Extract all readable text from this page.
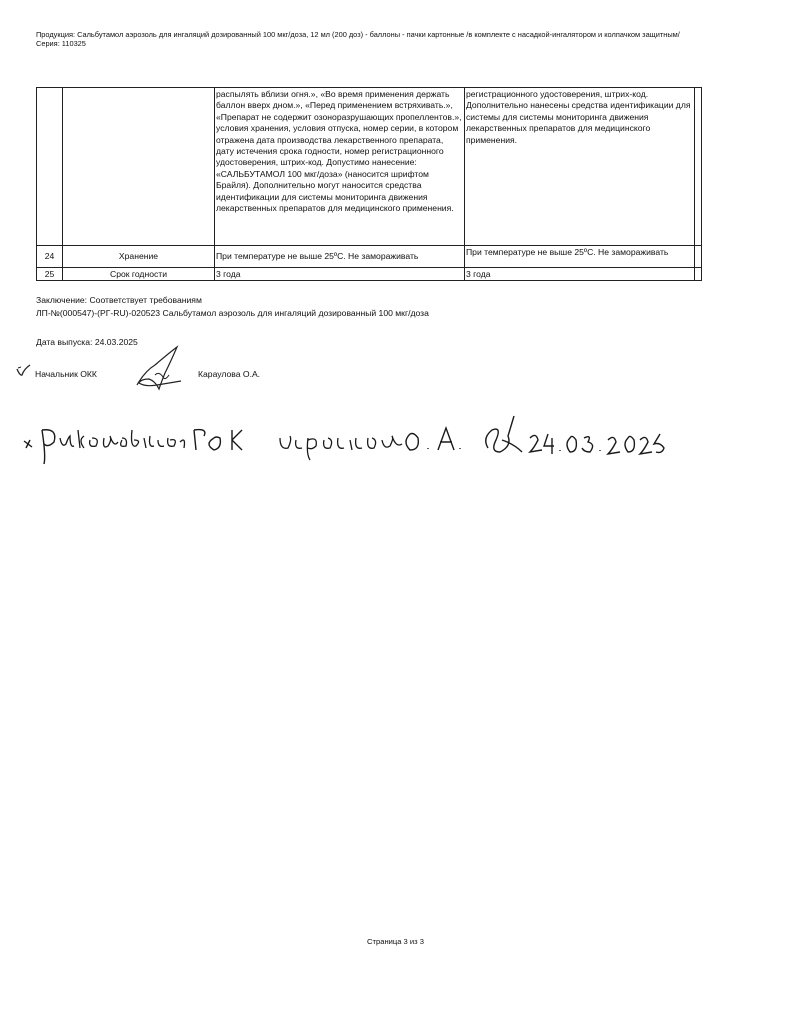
Продукция: Сальбутамол аэрозоль для ингаляций дозированный 100 мкг/доза, 12 мл (200 доз) - баллоны - пачки картонные /в комплекте с насадкой-ингалятором и колпачком защитным/Серия: 110325
		распылять вблизи огня.», «Во время применения держать баллон вверх дном.», «Перед применением встряхивать.», «Препарат не содержит озоноразрушающих пропеллентов.», условия хранения, условия отпуска, номер серии, в котором отражена дата производства лекарственного препарата, дату истечения срока годности, номер регистрационного удостоверения, штрих-код. Допустимо нанесение: «САЛЬБУТАМОЛ 100 мкг/доза» (наносится шрифтом Брайля). Дополнительно могут наносится средства идентификации для системы мониторинга движения лекарственных препаратов для медицинского применения.	регистрационного удостоверения, штрих-код. Дополнительно нанесены средства идентификации для системы для системы мониторинга движения лекарственных препаратов для медицинского применения.	
24	Хранение	При температуре не выше 25ºС. Не замораживать	При температуре не выше 25ºС. Не замораживать	
25	Срок годности	3 года	3 года	
Заключение: Соответствует требованиям
ЛП-№(000547)-(РГ-RU)-020523 Сальбутамол аэрозоль для ингаляций дозированный 100 мкг/доза
Дата выпуска: 24.03.2025
Начальник ОКК	Караулова О.А.
Страница 3 из 3
